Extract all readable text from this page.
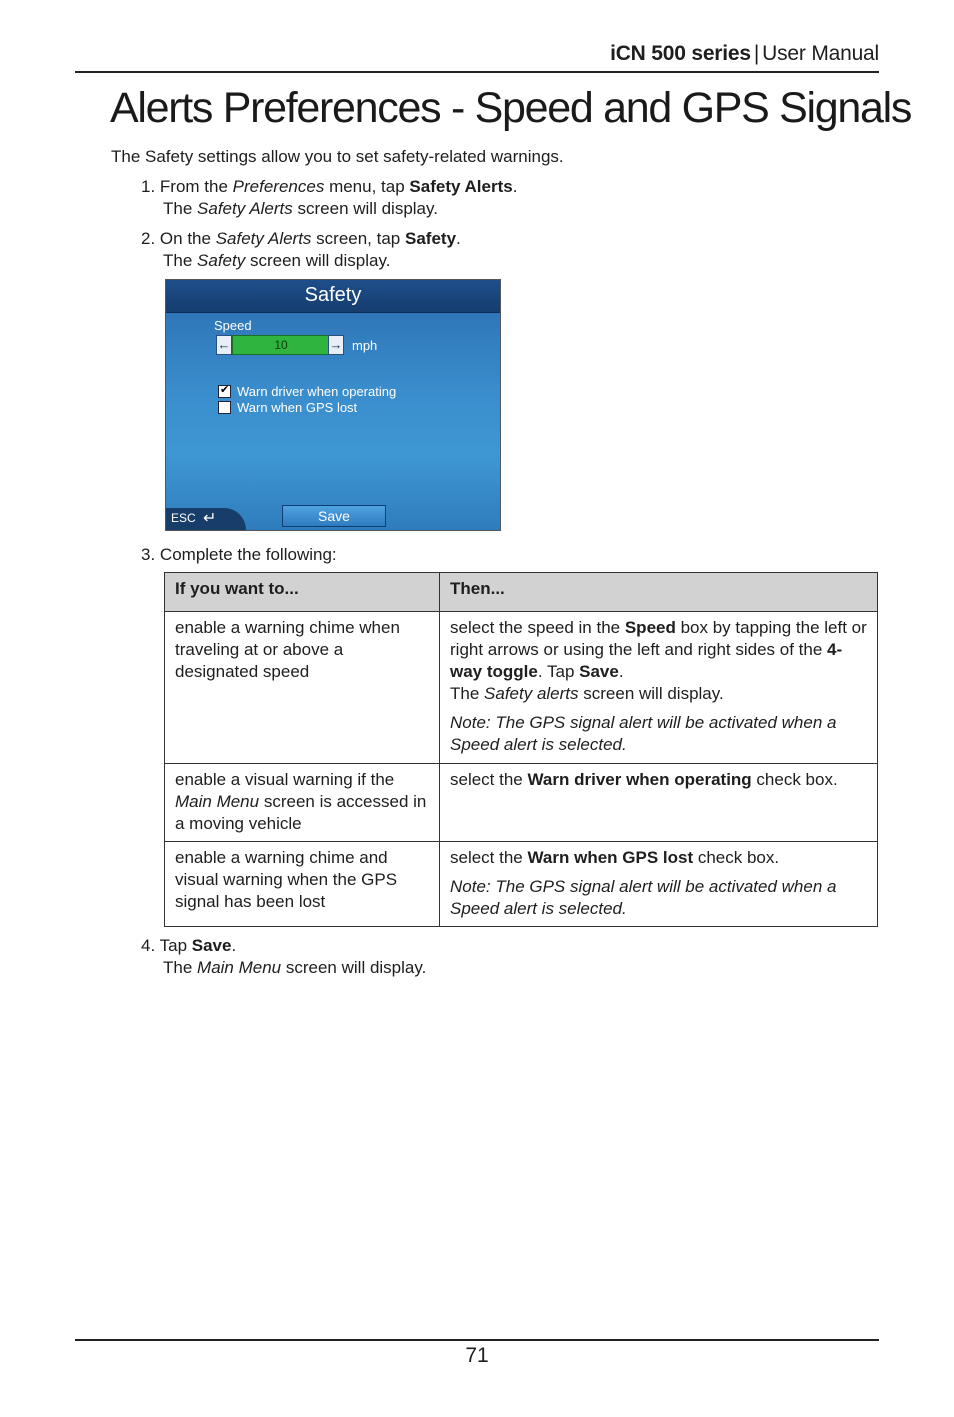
iCN 500 series | User Manual
Alerts Preferences - Speed and GPS Signals
The Safety settings allow you to set safety-related warnings.
1. From the Preferences menu, tap Safety Alerts.
The Safety Alerts screen will display.
2. On the Safety Alerts screen, tap Safety.
The Safety screen will display.
Safety
Speed
←	10	→ mph
✔ Warn driver when operating
Warn when GPS lost
ESC ↵	Save
3. Complete the following:
If you want to...	Then...
enable a warning chime when traveling at or above a designated speed	select the speed in the Speed box by tapping the left or right arrows or using the left and right sides of the 4-way toggle. Tap Save.
The Safety alerts screen will display.
Note: The GPS signal alert will be activated when a Speed alert is selected.

enable a visual warning if the Main Menu screen is accessed in a moving vehicle	select the Warn driver when operating check box.
enable a warning chime and visual warning when the GPS signal has been lost	select the Warn when GPS lost check box.
Note: The GPS signal alert will be activated when a Speed alert is selected.
4. Tap Save.
The Main Menu screen will display.
71
